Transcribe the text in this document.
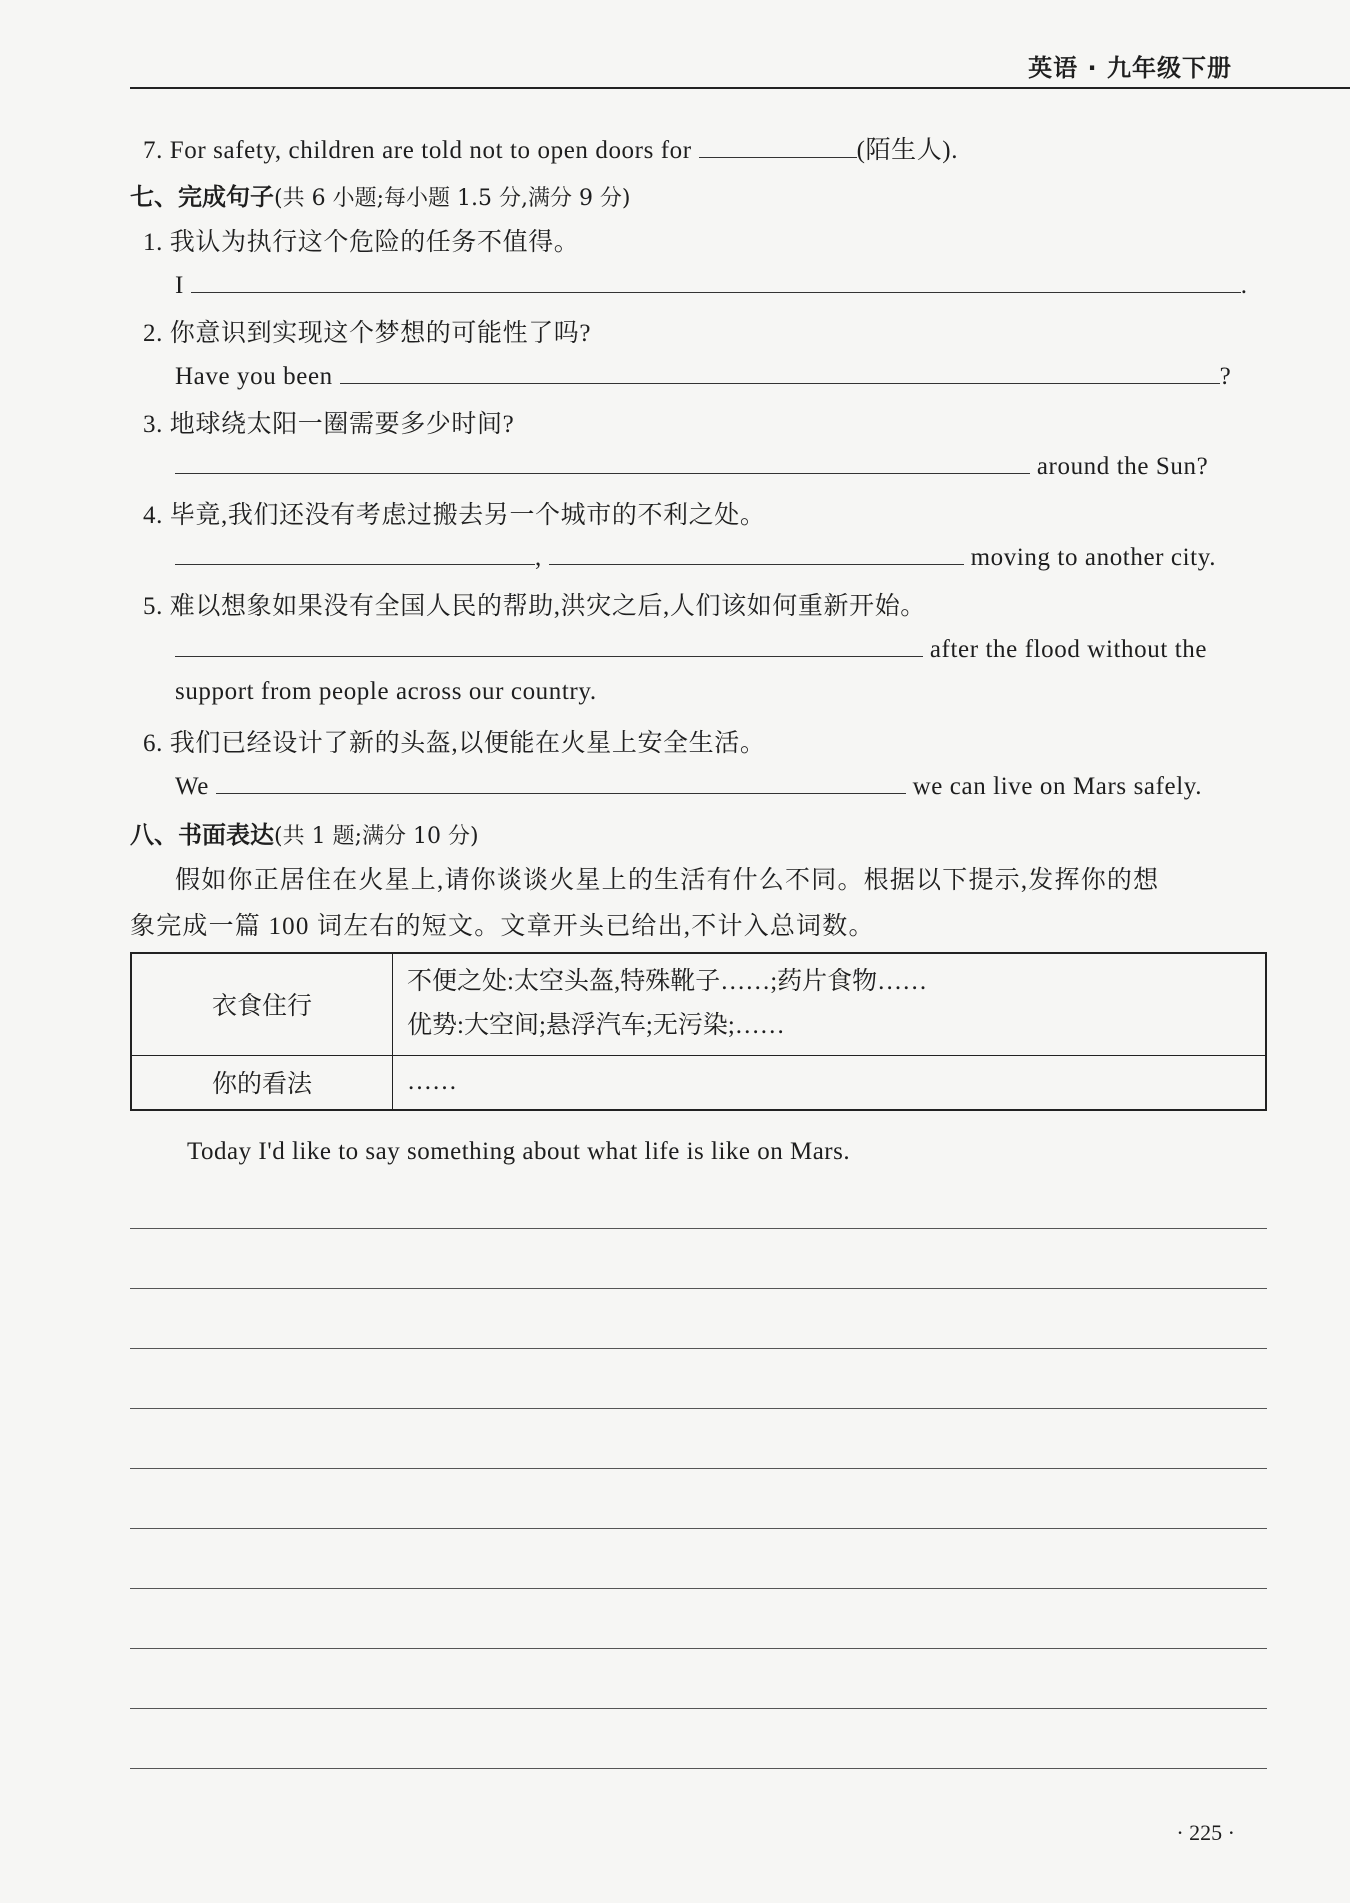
英语 · 九年级下册
7. For safety, children are told not to open doors for	(陌生人).
七、完成句子(共 6 小题;每小题 1.5 分,满分 9 分)
1. 我认为执行这个危险的任务不值得。
I	.
2. 你意识到实现这个梦想的可能性了吗?
Have you been	?
3. 地球绕太阳一圈需要多少时间?
around the Sun?
4. 毕竟,我们还没有考虑过搬去另一个城市的不利之处。
,	moving to another city.
5. 难以想象如果没有全国人民的帮助,洪灾之后,人们该如何重新开始。
after the flood without the
support from people across our country.
6. 我们已经设计了新的头盔,以便能在火星上安全生活。
We	we can live on Mars safely.
八、书面表达(共 1 题;满分 10 分)
假如你正居住在火星上,请你谈谈火星上的生活有什么不同。根据以下提示,发挥你的想
象完成一篇 100 词左右的短文。文章开头已给出,不计入总词数。
衣食住行	不便之处:太空头盔,特殊靴子……;药片食物……
优势:大空间;悬浮汽车;无污染;……

你的看法	……
Today I'd like to say something about what life is like on Mars.
· 225 ·
